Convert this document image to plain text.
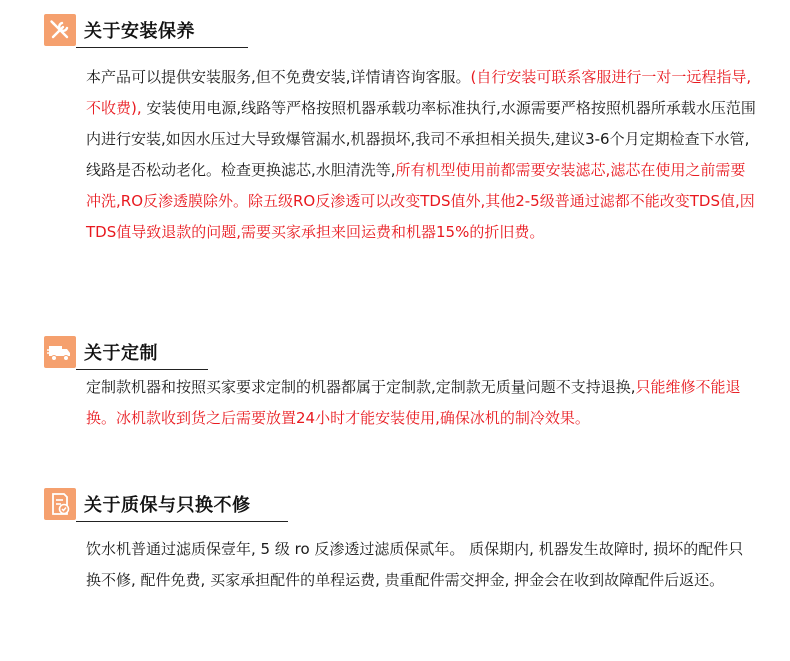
关于安装保养
本产品可以提供安装服务,但不免费安装,详情请咨询客服。(自行安装可联系客服进行一对一远程指导, 不收费), 安装使用电源,线路等严格按照机器承载功率标准执行,水源需要严格按照机器所承载水压范围内进行安装,如因水压过大导致爆管漏水,机器损坏,我司不承担相关损失,建议3-6个月定期检查下水管,线路是否松动老化。检查更换滤芯,水胆清洗等,所有机型使用前都需要安装滤芯,滤芯在使用之前需要冲洗,RO反渗透膜除外。除五级RO反渗透可以改变TDS值外,其他2-5级普通过滤都不能改变TDS值,因TDS值导致退款的问题,需要买家承担来回运费和机器15%的折旧费。
关于定制
定制款机器和按照买家要求定制的机器都属于定制款,定制款无质量问题不支持退换,只能维修不能退换。冰机款收到货之后需要放置24小时才能安装使用,确保冰机的制冷效果。
关于质保与只换不修
饮水机普通过滤质保壹年, 5 级 ro 反渗透过滤质保贰年。 质保期内, 机器发生故障时, 损坏的配件只换不修, 配件免费, 买家承担配件的单程运费, 贵重配件需交押金, 押金会在收到故障配件后返还。
